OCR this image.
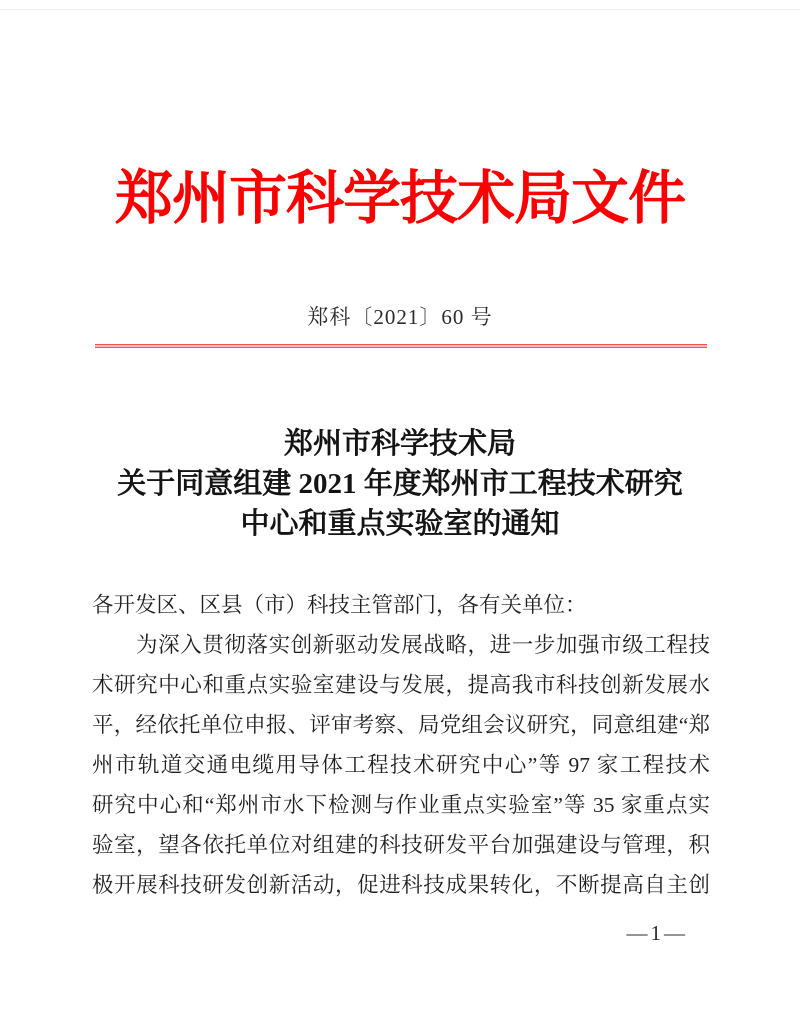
郑州市科学技术局文件
郑科〔2021〕60 号
郑州市科学技术局
关于同意组建 2021 年度郑州市工程技术研究
中心和重点实验室的通知
各开发区、区县（市）科技主管部门，各有关单位：
为深入贯彻落实创新驱动发展战略，进一步加强市级工程技
术研究中心和重点实验室建设与发展，提高我市科技创新发展水
平，经依托单位申报、评审考察、局党组会议研究，同意组建“郑
州市轨道交通电缆用导体工程技术研究中心”等 97 家工程技术
研究中心和“郑州市水下检测与作业重点实验室”等 35 家重点实
验室，望各依托单位对组建的科技研发平台加强建设与管理，积
极开展科技研发创新活动，促进科技成果转化，不断提高自主创
—1—
